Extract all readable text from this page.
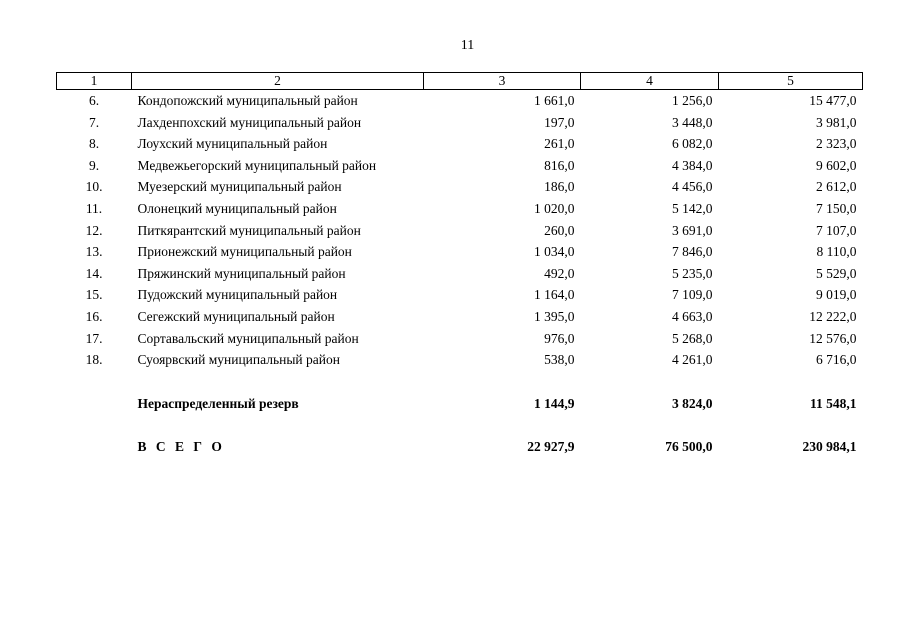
11
1	2	3	4	5
6.	Кондопожский муниципальный район	1 661,0	1 256,0	15 477,0
7.	Лахденпохский муниципальный район	197,0	3 448,0	3 981,0
8.	Лоухский муниципальный район	261,0	6 082,0	2 323,0
9.	Медвежьегорский муниципальный район	816,0	4 384,0	9 602,0
10.	Муезерский муниципальный район	186,0	4 456,0	2 612,0
11.	Олонецкий муниципальный район	1 020,0	5 142,0	7 150,0
12.	Питкярантский муниципальный район	260,0	3 691,0	7 107,0
13.	Прионежский муниципальный район	1 034,0	7 846,0	8 110,0
14.	Пряжинский муниципальный район	492,0	5 235,0	5 529,0
15.	Пудожский муниципальный район	1 164,0	7 109,0	9 019,0
16.	Сегежский муниципальный район	1 395,0	4 663,0	12 222,0
17.	Сортавальский муниципальный район	976,0	5 268,0	12 576,0
18.	Суоярвский муниципальный район	538,0	4 261,0	6 716,0

	Нераспределенный резерв	1 144,9	3 824,0	11 548,1

	В С Е Г О	22 927,9	76 500,0	230 984,1
